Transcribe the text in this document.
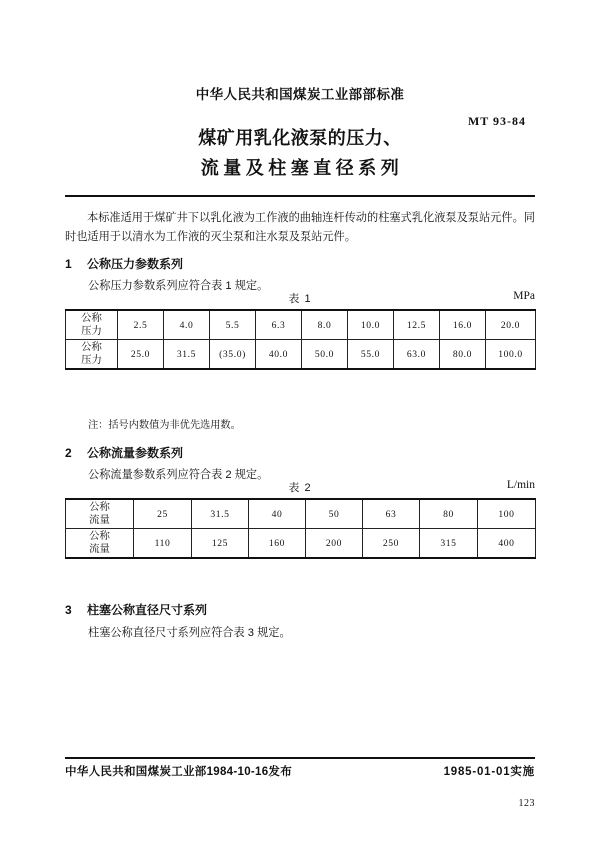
中华人民共和国煤炭工业部部标准
MT 93-84
煤矿用乳化液泵的压力、
流量及柱塞直径系列
本标准适用于煤矿井下以乳化液为工作液的曲轴连杆传动的柱塞式乳化液泵及泵站元件。同时也适用于以清水为工作液的灭尘泵和注水泵及泵站元件。
1 公称压力参数系列
公称压力参数系列应符合表 1 规定。
表 1	MPa
公称
压力	2.5	4.0	5.5	6.3	8.0	10.0	12.5	16.0	20.0

公称
压力	25.0	31.5	(35.0)	40.0	50.0	55.0	63.0	80.0	100.0
注：括号内数值为非优先选用数。
2 公称流量参数系列
公称流量参数系列应符合表 2 规定。
表 2	L/min
公称
流量	25	31.5	40	50	63	80	100

公称
流量	110	125	160	200	250	315	400
3 柱塞公称直径尺寸系列
柱塞公称直径尺寸系列应符合表 3 规定。
中华人民共和国煤炭工业部1984-10-16发布	1985-01-01实施
123
